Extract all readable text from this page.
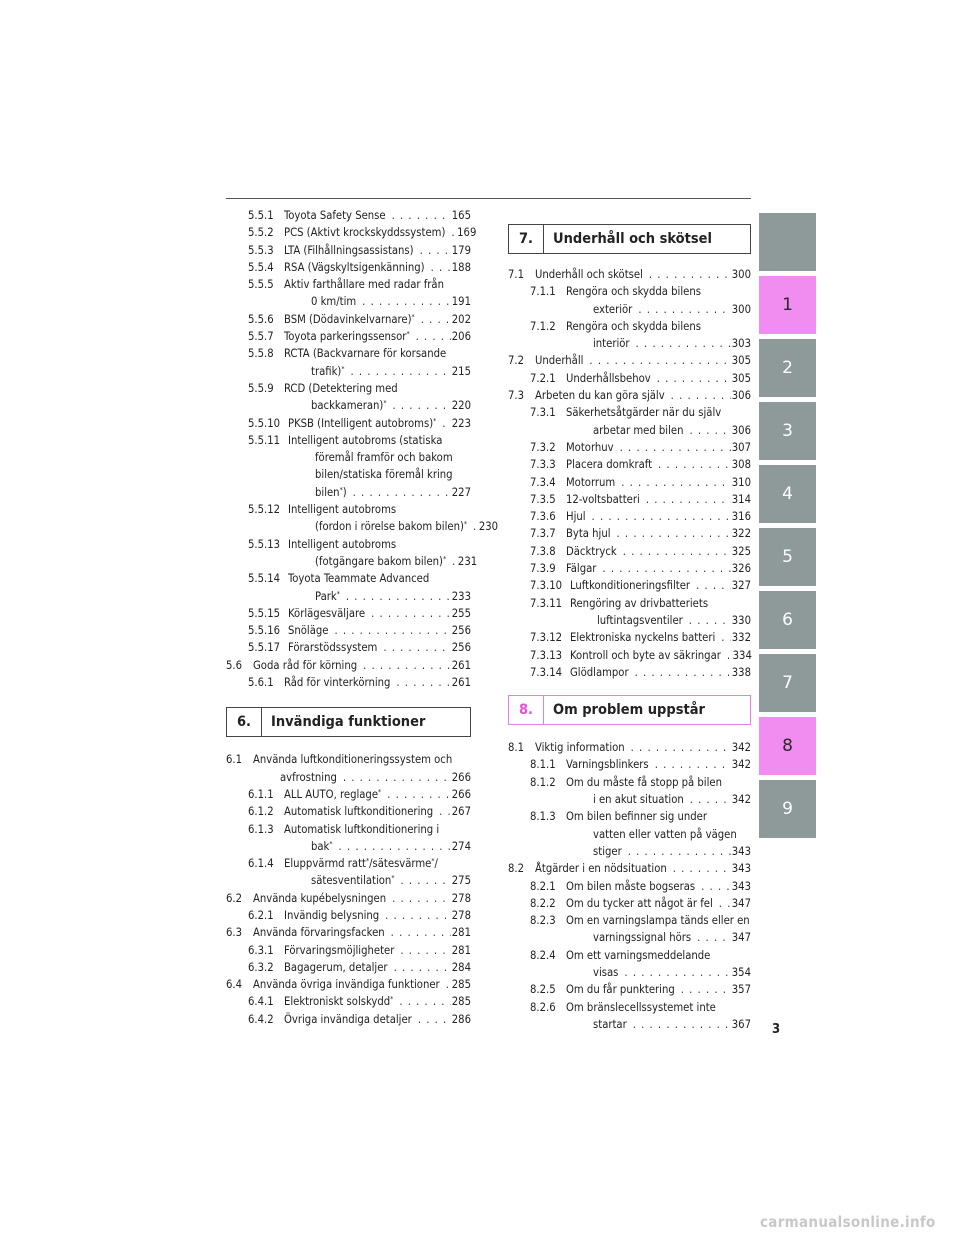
5.5.1 Toyota Safety Sense . . .	165
5.5.2 PCS (Aktivt krockskyddssystem) . . . 169
5.5.3 LTA (Filhållningsassistans) . . .	179
5.5.4 RSA (Vägskyltsigenkänning) . . . 188
5.5.5 Aktiv farthållare med radar från
0 km/tim . . .	191
5.5.6 BSM (Dödavinkelvarnare)* . . .	202
5.5.7 Toyota parkeringssensor* . . .	206
5.5.8 RCTA (Backvarnare för korsande
trafik)* . . .	215
5.5.9 RCD (Detektering med
backkameran)* . . .	220
5.5.10 PKSB (Intelligent autobroms)* . . . 223
5.5.11 Intelligent autobroms (statiska
föremål framför och bakom
bilen/statiska föremål kring
bilen*) . . .	227
5.5.12 Intelligent autobroms
(fordon i rörelse bakom bilen)* . . . 230
5.5.13 Intelligent autobroms
(fotgängare bakom bilen)* . . . 231
5.5.14 Toyota Teammate Advanced
Park* . . .	233
5.5.15 Körlägesväljare . . .	255
5.5.16 Snöläge . . .	256
5.5.17 Förarstödssystem . . .	256
5.6 Goda råd för körning . . .	261
5.6.1 Råd för vinterkörning . . .	261
6.	Invändiga funktioner
6.1 Använda luftkonditioneringssystem och
avfrostning . . .	266
6.1.1 ALL AUTO, reglage* . . .	266
6.1.2 Automatisk luftkonditionering . . . 267
6.1.3 Automatisk luftkonditionering i
bak* . . .	274
6.1.4 Eluppvärmd ratt*/sätesvärme*/
sätesventilation* . . .	275
6.2 Använda kupébelysningen . . .	278
6.2.1 Invändig belysning . . .	278
6.3 Använda förvaringsfacken . . .	281
6.3.1 Förvaringsmöjligheter . . .	281
6.3.2 Bagagerum, detaljer . . .	284
6.4 Använda övriga invändiga funktioner . . . 285
6.4.1 Elektroniskt solskydd* . . .	285
6.4.2 Övriga invändiga detaljer . . .	286
7.	Underhåll och skötsel
7.1 Underhåll och skötsel . . .	300
7.1.1 Rengöra och skydda bilens
exteriör . . .	300
7.1.2 Rengöra och skydda bilens
interiör . . .	303
7.2 Underhåll . . .	305
7.2.1 Underhållsbehov . . .	305
7.3 Arbeten du kan göra själv . . .	306
7.3.1 Säkerhetsåtgärder när du själv
arbetar med bilen . . .	306
7.3.2 Motorhuv . . .	307
7.3.3 Placera domkraft . . .	308
7.3.4 Motorrum . . .	310
7.3.5 12-voltsbatteri . . .	314
7.3.6 Hjul . . .	316
7.3.7 Byta hjul . . .	322
7.3.8 Däcktryck . . .	325
7.3.9 Fälgar . . .	326
7.3.10 Luftkonditioneringsfilter . . .	327
7.3.11 Rengöring av drivbatteriets
luftintagsventiler . . .	330
7.3.12 Elektroniska nyckelns batteri . . . 332
7.3.13 Kontroll och byte av säkringar . . . 334
7.3.14 Glödlampor . . .	338
8.	Om problem uppstår
8.1 Viktig information . . .	342
8.1.1 Varningsblinkers . . .	342
8.1.2 Om du måste få stopp på bilen
i en akut situation . . .	342
8.1.3 Om bilen befinner sig under
vatten eller vatten på vägen
stiger . . .	343
8.2 Åtgärder i en nödsituation . . .	343
8.2.1 Om bilen måste bogseras . . .	343
8.2.2 Om du tycker att något är fel . . . 347
8.2.3 Om en varningslampa tänds eller en
varningssignal hörs . . .	347
8.2.4 Om ett varningsmeddelande
visas . . .	354
8.2.5 Om du får punktering . . .	357
8.2.6 Om bränslecellssystemet inte
startar . . .	367
1
2
3
4
5
6
7
8
9
3
carmanualsonline.info
